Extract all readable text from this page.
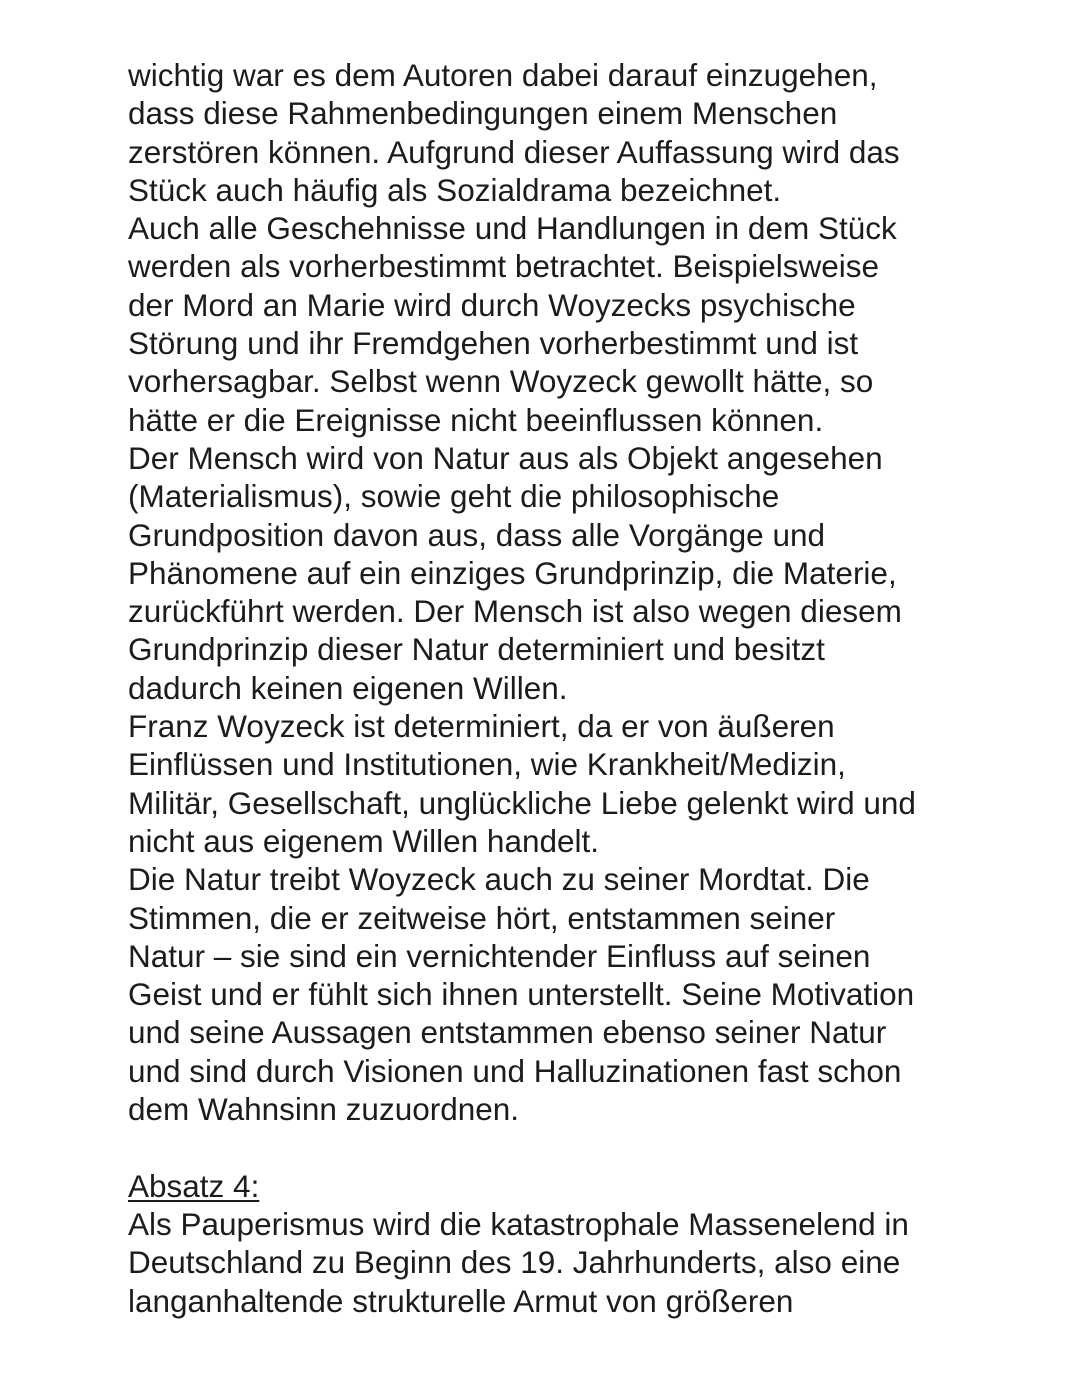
wichtig war es dem Autoren dabei darauf einzugehen,
dass diese Rahmenbedingungen einem Menschen
zerstören können. Aufgrund dieser Auffassung wird das
Stück auch häufig als Sozialdrama bezeichnet.
Auch alle Geschehnisse und Handlungen in dem Stück
werden als vorherbestimmt betrachtet. Beispielsweise
der Mord an Marie wird durch Woyzecks psychische
Störung und ihr Fremdgehen vorherbestimmt und ist
vorhersagbar. Selbst wenn Woyzeck gewollt hätte, so
hätte er die Ereignisse nicht beeinflussen können.
Der Mensch wird von Natur aus als Objekt angesehen
(Materialismus), sowie geht die philosophische
Grundposition davon aus, dass alle Vorgänge und
Phänomene auf ein einziges Grundprinzip, die Materie,
zurückführt werden. Der Mensch ist also wegen diesem
Grundprinzip dieser Natur determiniert und besitzt
dadurch keinen eigenen Willen.
Franz Woyzeck ist determiniert, da er von äußeren
Einflüssen und Institutionen, wie Krankheit/Medizin,
Militär, Gesellschaft, unglückliche Liebe gelenkt wird und
nicht aus eigenem Willen handelt.
Die Natur treibt Woyzeck auch zu seiner Mordtat. Die
Stimmen, die er zeitweise hört, entstammen seiner
Natur – sie sind ein vernichtender Einfluss auf seinen
Geist und er fühlt sich ihnen unterstellt. Seine Motivation
und seine Aussagen entstammen ebenso seiner Natur
und sind durch Visionen und Halluzinationen fast schon
dem Wahnsinn zuzuordnen.
Absatz 4:
Als Pauperismus wird die katastrophale Massenelend in
Deutschland zu Beginn des 19. Jahrhunderts, also eine
langanhaltende strukturelle Armut von größeren
